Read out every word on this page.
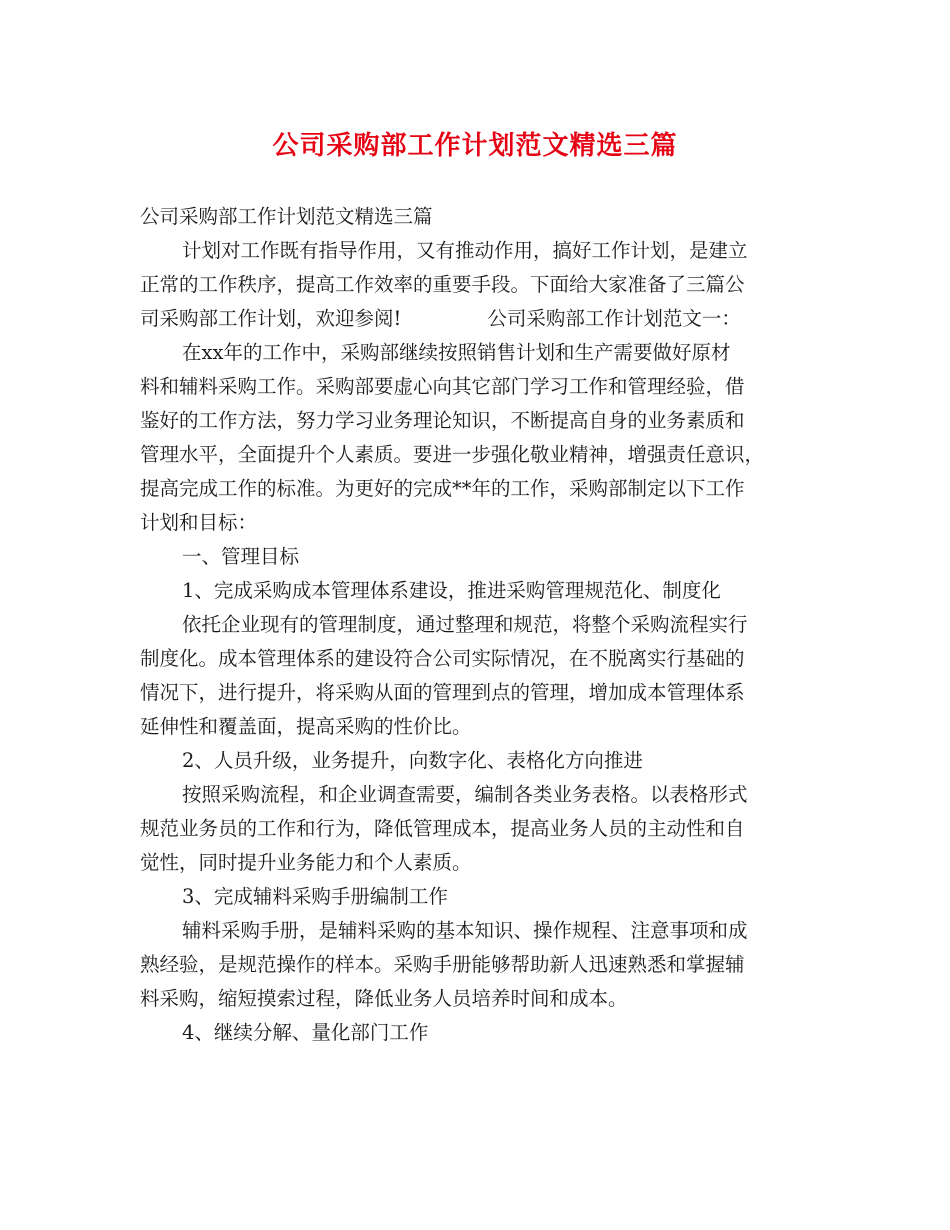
公司采购部工作计划范文精选三篇

公司采购部工作计划范文精选三篇

计划对工作既有指导作用，又有推动作用，搞好工作计划，是建立

正常的工作秩序，提高工作效率的重要手段。下面给大家准备了三篇公

司采购部工作计划，欢迎参阅!	公司采购部工作计划范文一：

在xx年的工作中，采购部继续按照销售计划和生产需要做好原材

料和辅料采购工作。采购部要虚心向其它部门学习工作和管理经验，借

鉴好的工作方法，努力学习业务理论知识，不断提高自身的业务素质和

管理水平，全面提升个人素质。要进一步强化敬业精神，增强责任意识，

提高完成工作的标准。为更好的完成**年的工作，采购部制定以下工作

计划和目标：

一、管理目标

1、完成采购成本管理体系建设，推进采购管理规范化、制度化

依托企业现有的管理制度，通过整理和规范，将整个采购流程实行

制度化。成本管理体系的建设符合公司实际情况，在不脱离实行基础的

情况下，进行提升，将采购从面的管理到点的管理，增加成本管理体系

延伸性和覆盖面，提高采购的性价比。

2、人员升级，业务提升，向数字化、表格化方向推进

按照采购流程，和企业调查需要，编制各类业务表格。以表格形式

规范业务员的工作和行为，降低管理成本，提高业务人员的主动性和自

觉性，同时提升业务能力和个人素质。

3、完成辅料采购手册编制工作

辅料采购手册，是辅料采购的基本知识、操作规程、注意事项和成

熟经验，是规范操作的样本。采购手册能够帮助新人迅速熟悉和掌握辅

料采购，缩短摸索过程，降低业务人员培养时间和成本。

4、继续分解、量化部门工作
